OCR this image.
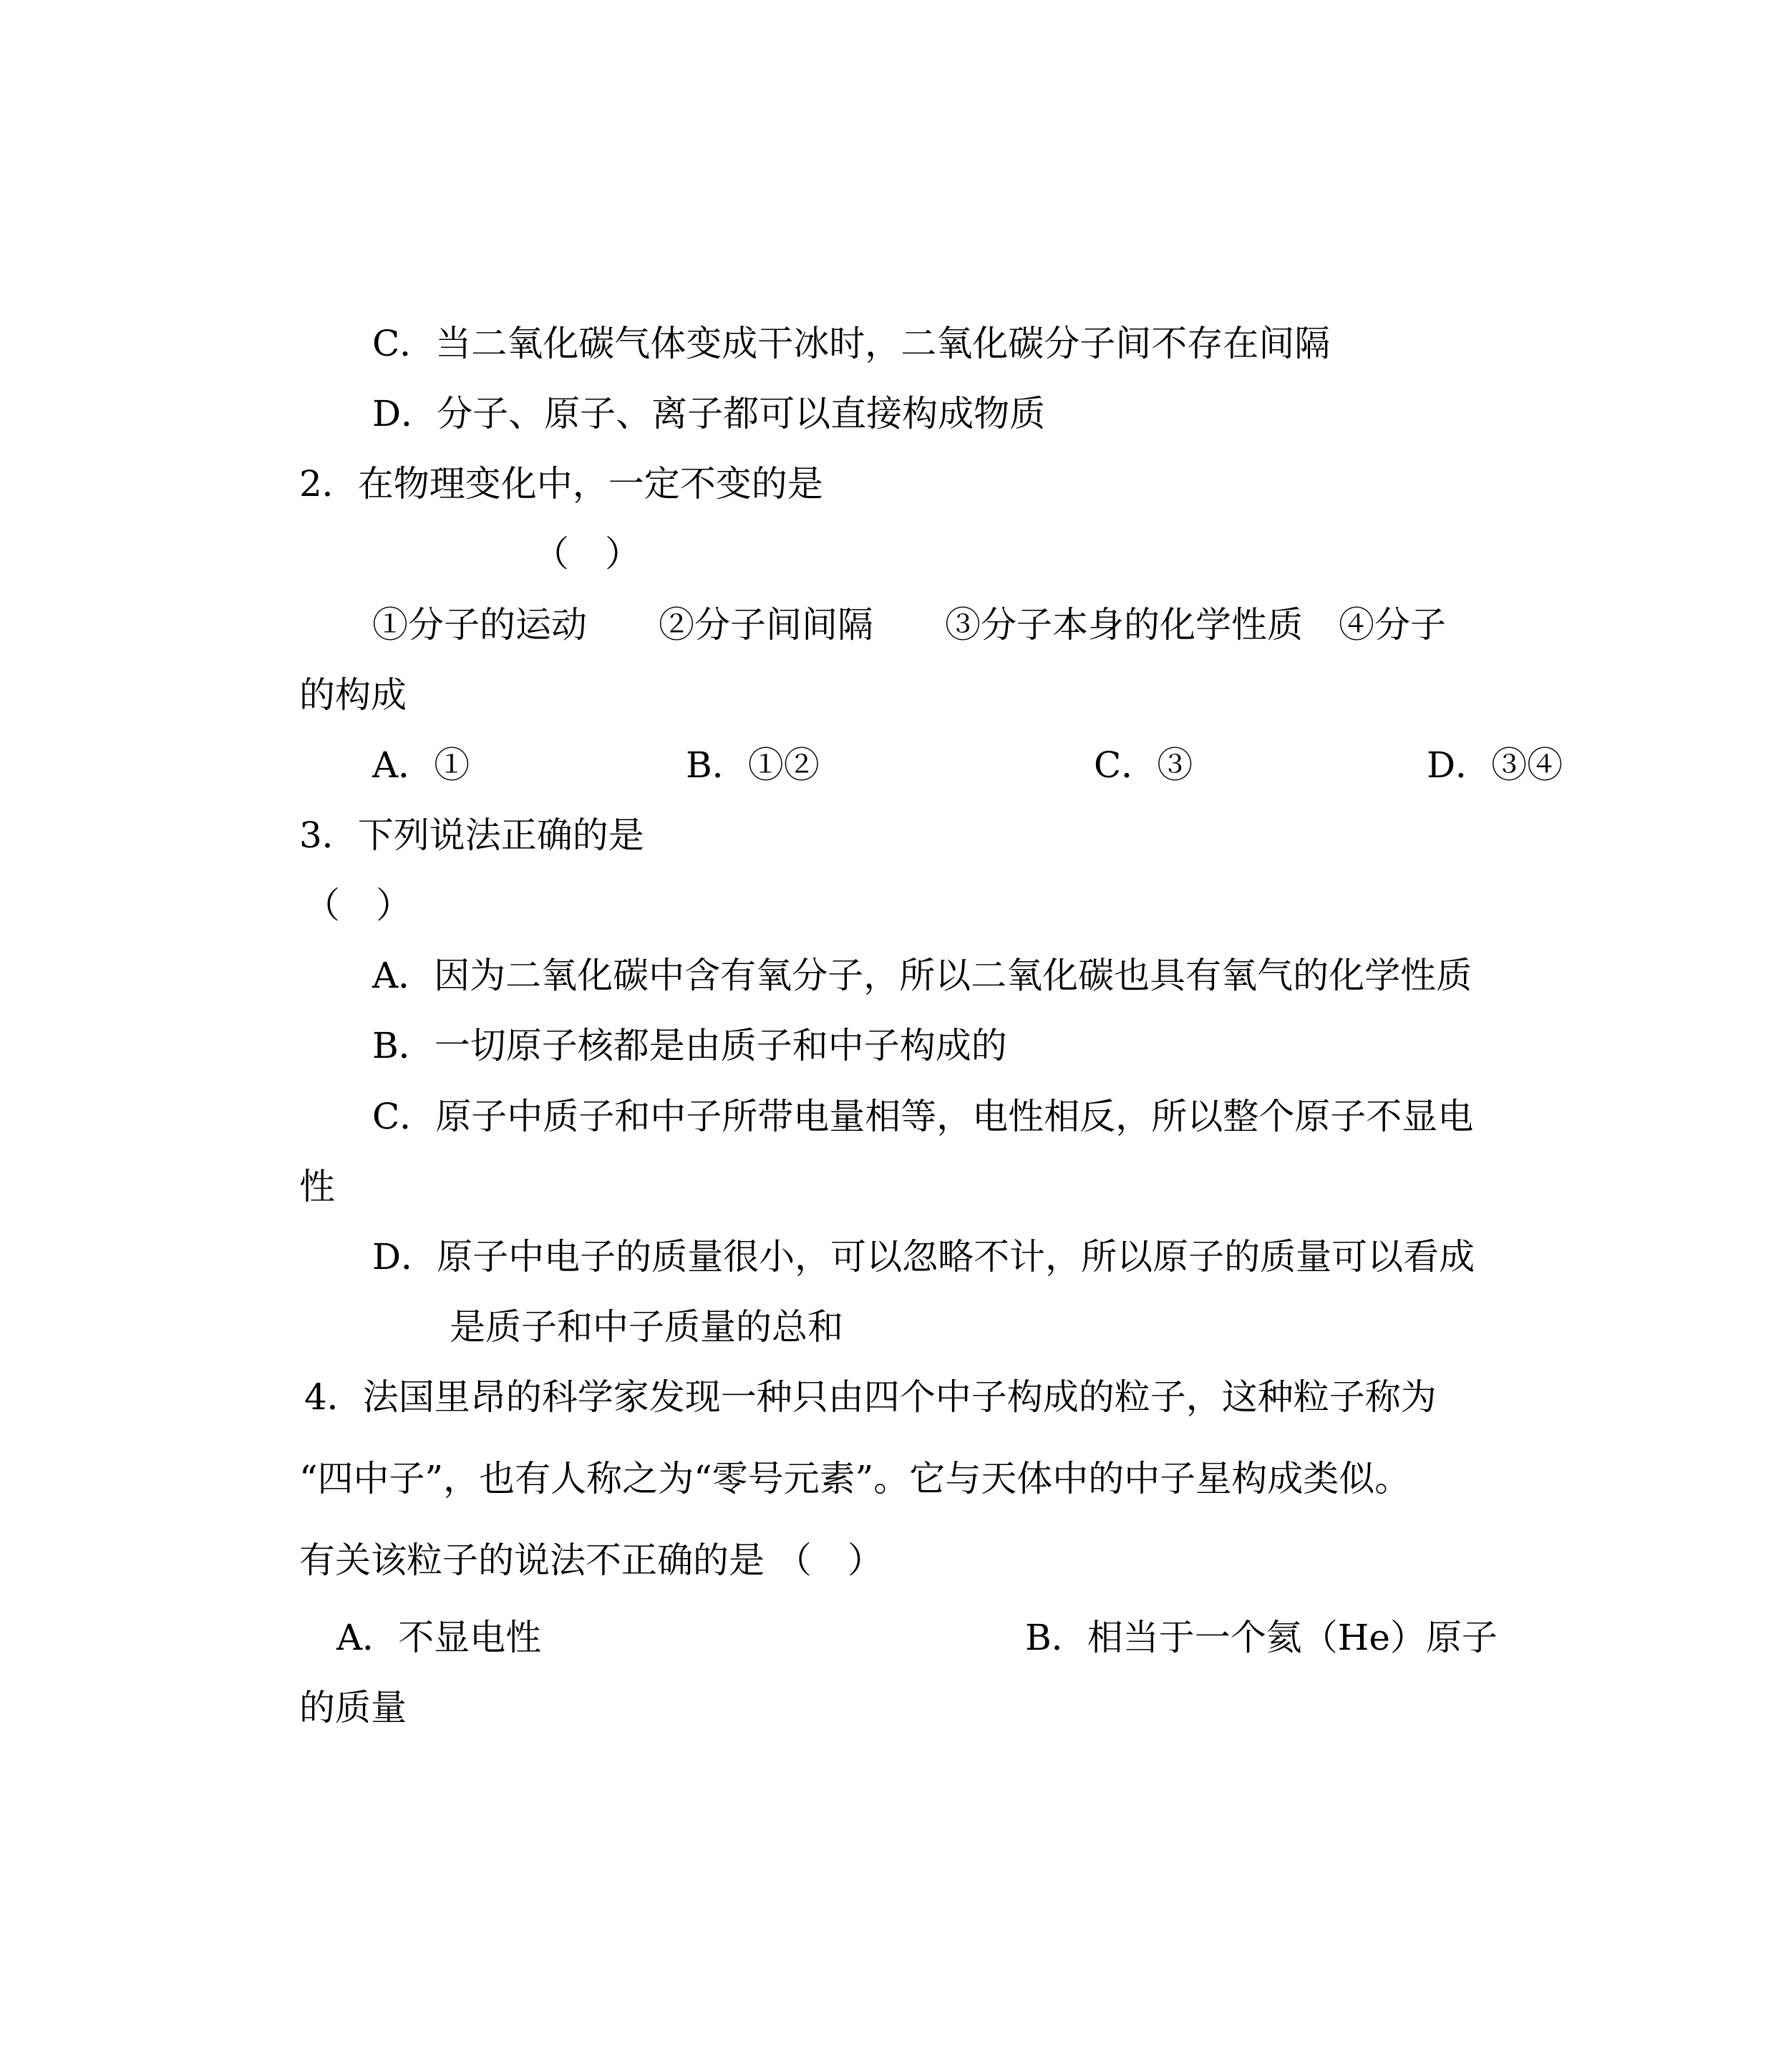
C．当二氧化碳气体变成干冰时，二氧化碳分子间不存在间隔
D．分子、原子、离子都可以直接构成物质
2．在物理变化中，一定不变的是
（　）
①分子的运动　　②分子间间隔　　③分子本身的化学性质　④分子
的构成
A．①	B．①②	C．③	D．③④
3．下列说法正确的是
（　）
A．因为二氧化碳中含有氧分子，所以二氧化碳也具有氧气的化学性质
B．一切原子核都是由质子和中子构成的
C．原子中质子和中子所带电量相等，电性相反，所以整个原子不显电
性
D．原子中电子的质量很小，可以忽略不计，所以原子的质量可以看成
是质子和中子质量的总和
4．法国里昂的科学家发现一种只由四个中子构成的粒子，这种粒子称为
“四中子”，也有人称之为“零号元素”。它与天体中的中子星构成类似。
有关该粒子的说法不正确的是 （　）
A．不显电性	B．相当于一个氦（He）原子
的质量
